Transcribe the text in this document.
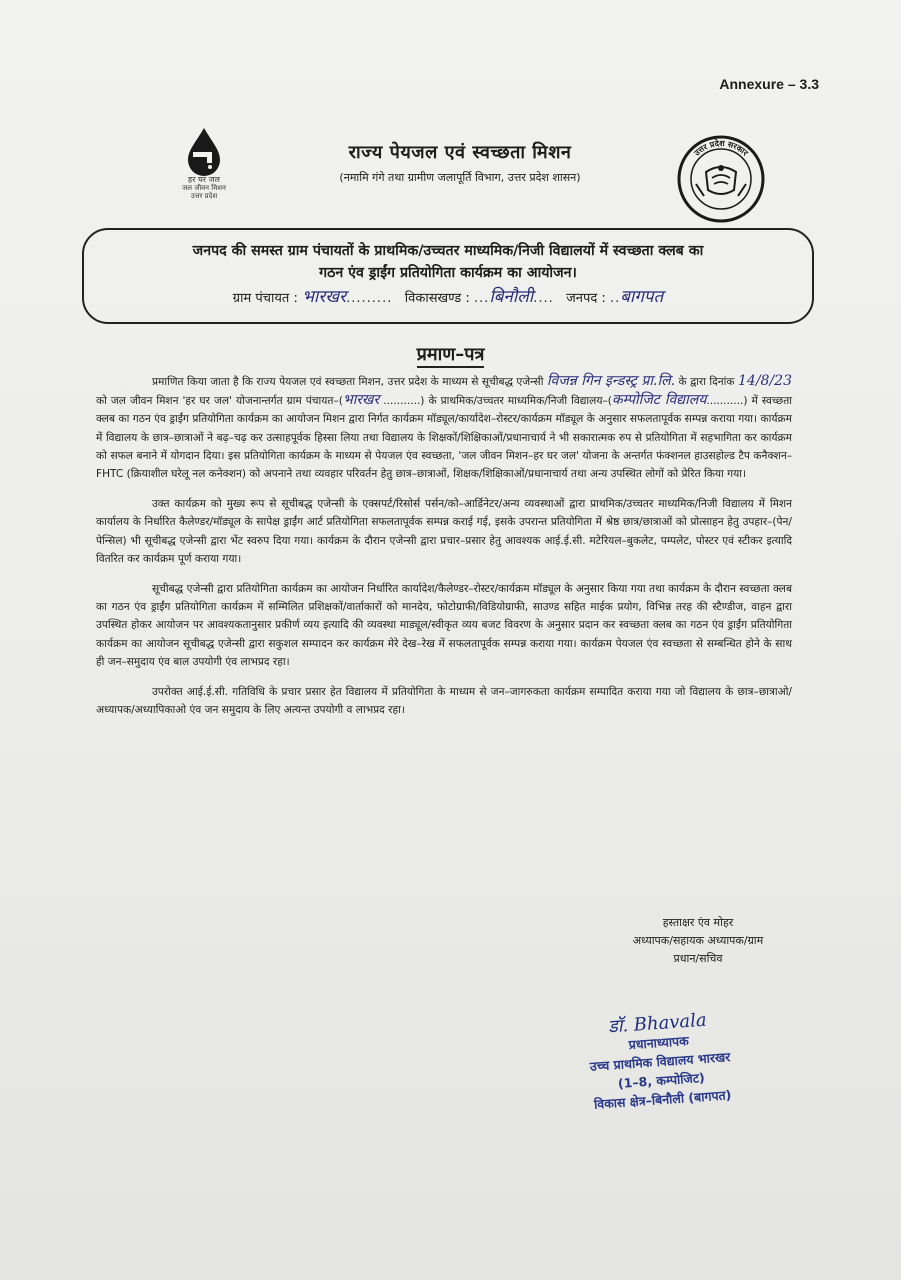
Annexure – 3.3
हर घर जल
जल जीवन मिशन
उत्तर प्रदेश
राज्य पेयजल एवं स्वच्छता मिशन
(नमामि गंगे तथा ग्रामीण जलापूर्ति विभाग, उत्तर प्रदेश शासन)
उत्तर प्रदेश सरकार
जनपद की समस्त ग्राम पंचायतों के प्राथमिक/उच्चतर माध्यमिक/निजी विद्यालयों में स्वच्छता क्लब का
गठन एंव ड्राईंग प्रतियोगिता कार्यक्रम का आयोजन।
ग्राम पंचायत : भारखर......... विकासखण्ड : ...बिनौली.... जनपद : ..बागपत
प्रमाण–पत्र

प्रमाणित किया जाता है कि राज्य पेयजल एवं स्वच्छता मिशन, उत्तर प्रदेश के माध्यम से सूचीबद्ध एजेन्सी विजन्न गिन इन्डस्ट्र प्रा.लि. के द्वारा दिनांक 14/8/23 को जल जीवन मिशन 'हर घर जल' योजनान्तर्गत ग्राम पंचायत–(भारखर ...........) के प्राथमिक/उच्चतर माध्यमिक/निजी विद्यालय–(कम्पोजिट विद्यालय...........) में स्वच्छता क्लब का गठन एंव ड्राईंग प्रतियोगिता कार्यक्रम का आयोजन मिशन द्वारा निर्गत कार्यक्रम मॉड्यूल/कार्यादेश–रोस्टर/कार्यक्रम मॉड्यूल के अनुसार सफलतापूर्वक सम्पन्न कराया गया। कार्यक्रम में विद्यालय के छात्र–छात्राओं ने बढ़–चढ़ कर उत्साहपूर्वक हिस्सा लिया तथा विद्यालय के शिक्षकों/शिक्षिकाओं/प्रधानाचार्य ने भी सकारात्मक रुप से प्रतियोगिता में सहभागिता कर कार्यक्रम को सफल बनाने में योगदान दिया। इस प्रतियोगिता कार्यक्रम के माध्यम से पेयजल एंव स्वच्छता, 'जल जीवन मिशन–हर घर जल' योजना के अन्तर्गत फंक्शनल हाउसहोल्ड टैप कनैक्शन–FHTC (क्रियाशील घरेलू नल कनेक्शन) को अपनाने तथा व्यवहार परिवर्तन हेतु छात्र–छात्राओं, शिक्षक/शिक्षिकाओं/प्रधानाचार्य तथा अन्य उपस्थित लोगों को प्रेरित किया गया।

उक्त कार्यक्रम को मुख्य रूप से सूचीबद्ध एजेन्सी के एक्सपर्ट/रिसोर्स पर्सन/को–आर्डिनेटर/अन्य व्यवस्थाओं द्वारा प्राथमिक/उच्चतर माध्यमिक/निजी विद्यालय में मिशन कार्यालय के निर्धारित कैलेण्डर/मॉड्यूल के सापेक्ष ड्राईंग आर्ट प्रतियोगिता सफलतापूर्वक सम्पन्न कराई गई, इसके उपरान्त प्रतियोगिता में श्रेष्ठ छात्र/छात्राओं को प्रोत्साहन हेतु उपहार–(पेन/पेन्सिल) भी सूचीबद्ध एजेन्सी द्वारा भेंट स्वरुप दिया गया। कार्यक्रम के दौरान एजेन्सी द्वारा प्रचार–प्रसार हेतु आवश्यक आई.ई.सी. मटेरियल–बुकलेट, पम्पलेट, पोस्टर एवं स्टीकर इत्यादि वितरित कर कार्यक्रम पूर्ण कराया गया।

सूचीबद्ध एजेन्सी द्वारा प्रतियोगिता कार्यक्रम का आयोजन निर्धारित कार्यादेश/कैलेण्डर–रोस्टर/कार्यक्रम मॉड्यूल के अनुसार किया गया तथा कार्यक्रम के दौरान स्वच्छता क्लब का गठन एंव ड्राईंग प्रतियोगिता कार्यक्रम में सम्मिलित प्रशिक्षकों/वार्ताकारों को मानदेय, फोटोग्राफी/विडियोग्राफी, साउण्ड सहित माईक प्रयोग, विभिन्न तरह की स्टैण्डीज, वाहन द्वारा उपस्थित होकर आयोजन पर आवश्यकतानुसार प्रकीर्ण व्यय इत्यादि की व्यवस्था माड्यूल/स्वीकृत व्यय बजट विवरण के अनुसार प्रदान कर स्वच्छता क्लब का गठन एंव ड्राईंग प्रतियोगिता कार्यक्रम का आयोजन सूचीबद्ध एजेन्सी द्वारा सकुशल सम्पादन कर कार्यक्रम मेरे देख–रेख में सफलतापूर्वक सम्पन्न कराया गया। कार्यक्रम पेयजल एंव स्वच्छता से सम्बन्धित होने के साथ ही जन–समुदाय एंव बाल उपयोगी एंव लाभप्रद रहा।

उपरोक्त आई.ई.सी. गतिविधि के प्रचार प्रसार हेत विद्यालय में प्रतियोगिता के माध्यम से जन–जागरुकता कार्यक्रम सम्पादित कराया गया जो विद्यालय के छात्र–छात्राओ/अध्यापक/अध्यापिकाओ एंव जन समुदाय के लिए अत्यन्त उपयोगी व लाभप्रद रहा।

हस्ताक्षर एंव मोहर
अध्यापक/सहायक अध्यापक/ग्राम
प्रधान/सचिव
डॉ. Bhavala
प्रधानाध्यापक
उच्च प्राथमिक विद्यालय भारखर
(1–8, कम्पोजिट)
विकास क्षेत्र–बिनौली (बागपत)
